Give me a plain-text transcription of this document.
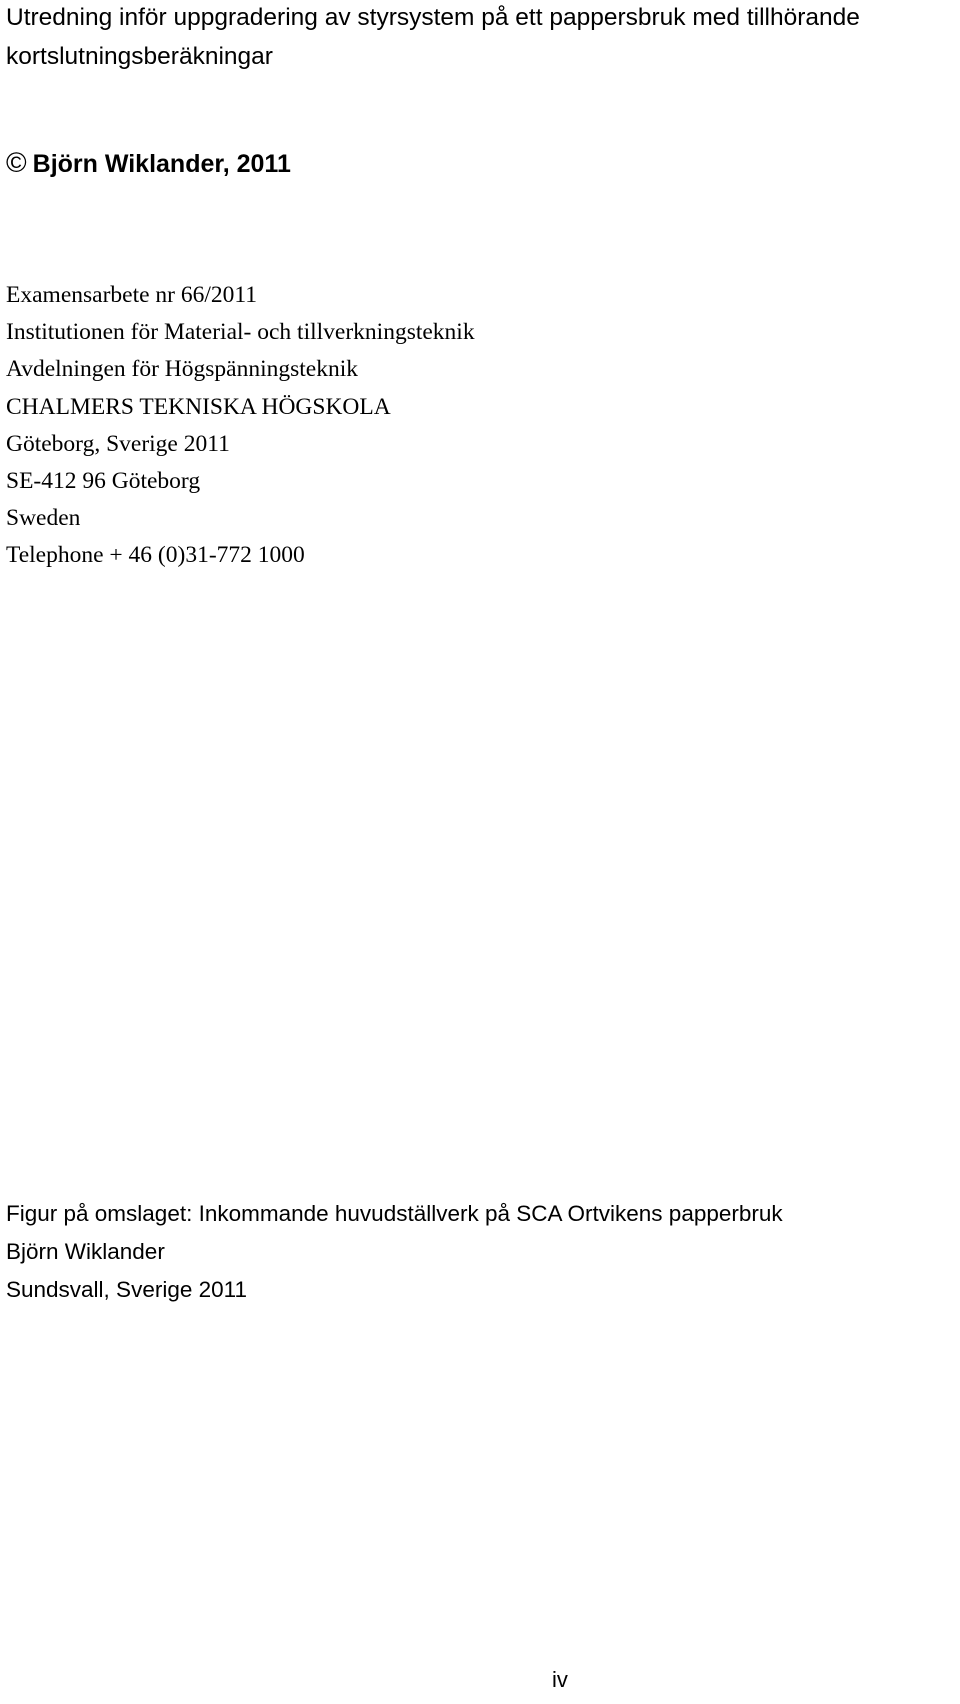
Utredning inför uppgradering av styrsystem på ett pappersbruk med tillhörande kortslutningsberäkningar
© Björn Wiklander, 2011
Examensarbete nr 66/2011
Institutionen för Material- och tillverkningsteknik
Avdelningen för Högspänningsteknik
CHALMERS TEKNISKA HÖGSKOLA
Göteborg, Sverige 2011
SE-412 96 Göteborg
Sweden
Telephone + 46 (0)31-772 1000
Figur på omslaget: Inkommande huvudställverk på SCA Ortvikens papperbruk
Björn Wiklander
Sundsvall, Sverige 2011
iv
